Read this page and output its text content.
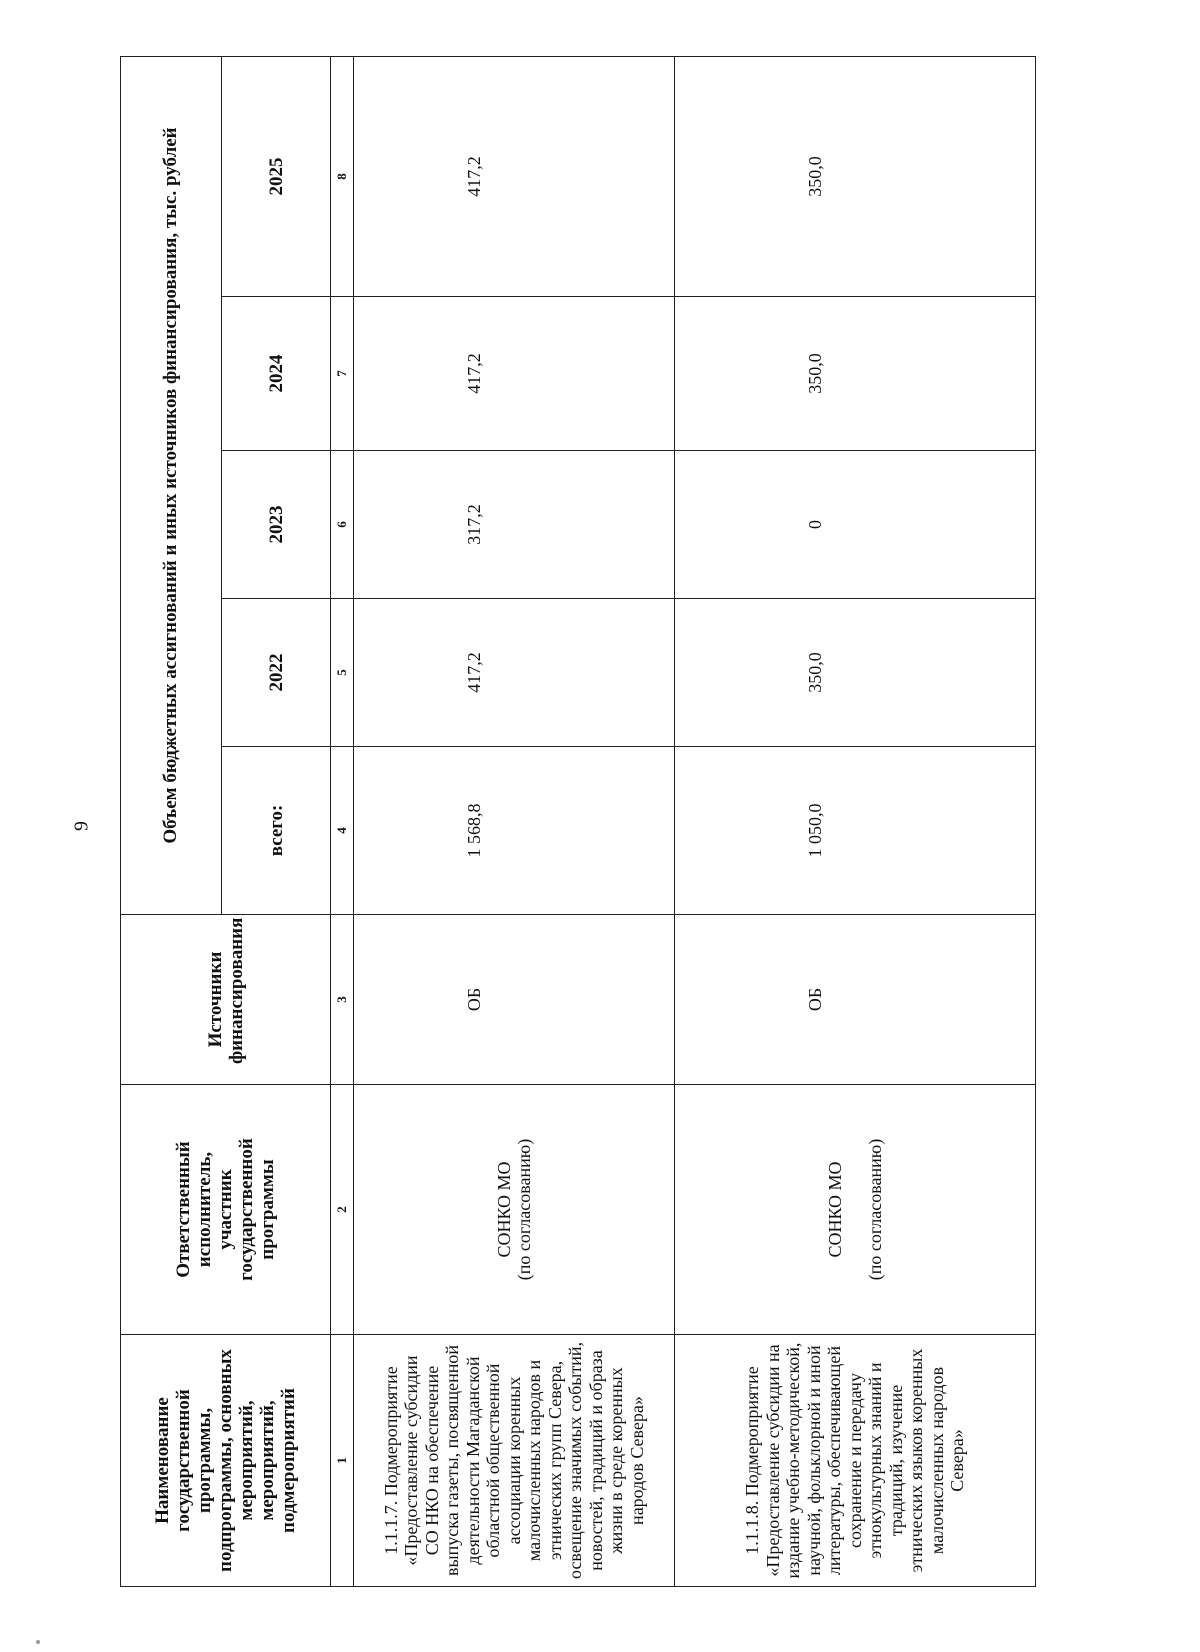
9
Наименование государственной программы, подпрограммы, основных мероприятий, мероприятий, подмероприятий	Ответственный исполнитель, участник государственной программы	Источники финансирования	Объем бюджетных ассигнований и иных источников финансирования, тыс. рублей				
			всего:	2022	2023	2024	2025
1	2	3	4	5	6	7	8
1.1.1.7. Подмероприятие «Предоставление субсидии СО НКО на обеспечение выпуска газеты, посвященной деятельности Магаданской областной общественной ассоциации коренных малочисленных народов и этнических групп Севера, освещение значимых событий, новостей, традиций и образа жизни в среде коренных народов Севера»	СОНКО МО (по согласованию)	ОБ	1 568,8	417,2	317,2	417,2	417,2

1.1.1.8. Подмероприятие «Предоставление субсидии на издание учебно-методической, научной, фольклорной и иной литературы, обеспечивающей сохранение и передачу этнокультурных знаний и традиций, изучение этнических языков коренных малочисленных народов Севера»	СОНКО МО (по согласованию)	ОБ	1 050,0	350,0	0	350,0	350,0
